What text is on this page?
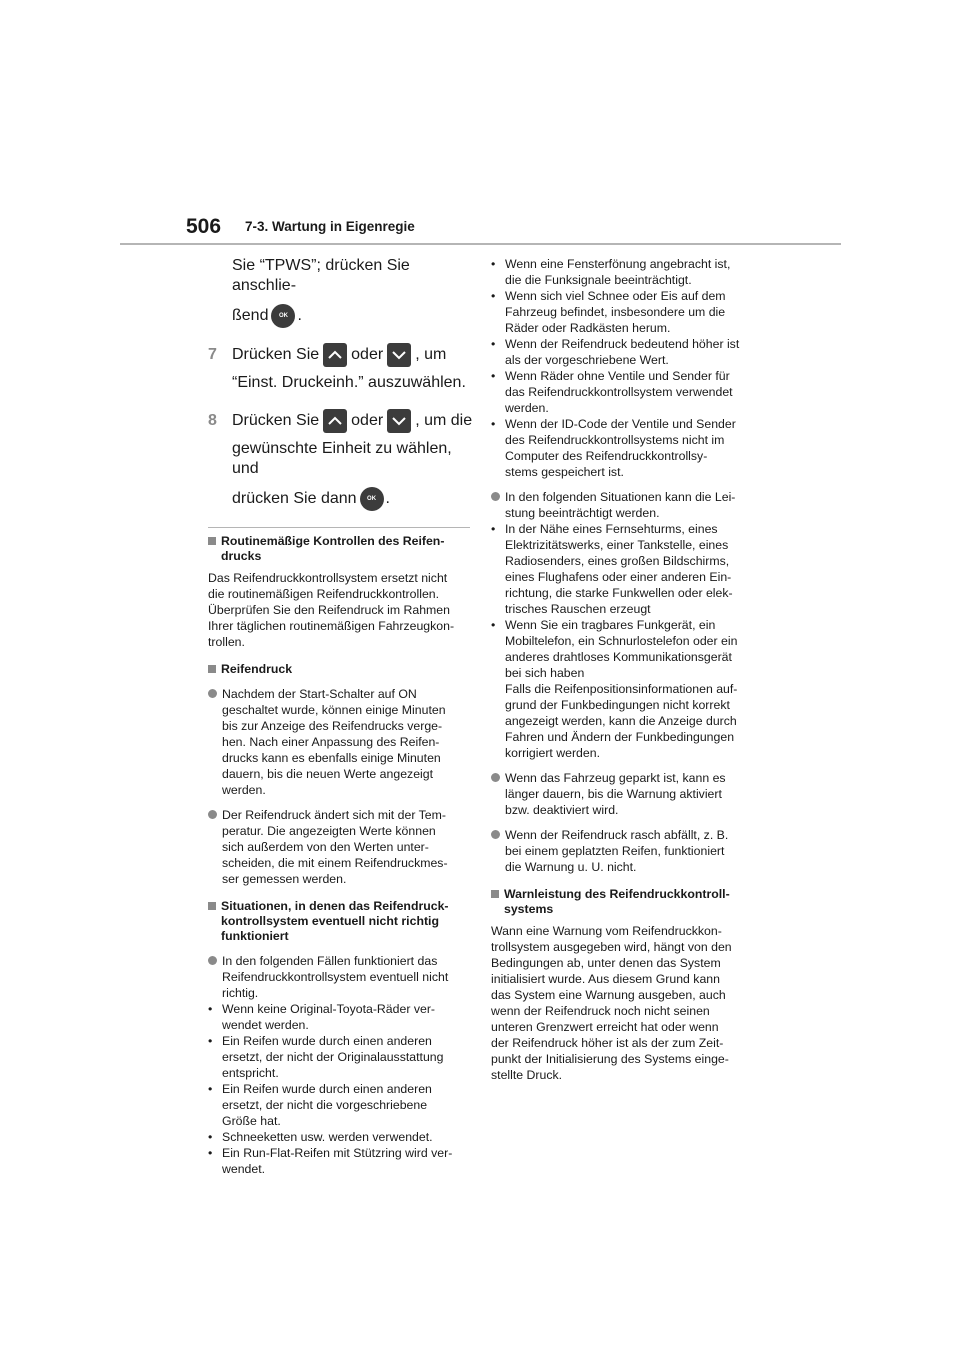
506 7-3. Wartung in Eigenregie
Sie “TPWS”; drücken Sie anschlie-
ßend	OK .
7 Drücken Sie oder , um
“Einst. Druckeinh.” auszuwählen.
8 Drücken Sie oder , um die
gewünschte Einheit zu wählen, und
drücken Sie dann	OK .
Routinemäßige Kontrollen des Reifen-
drucks
Das Reifendruckkontrollsystem ersetzt nicht
die routinemäßigen Reifendruckkontrollen.
Überprüfen Sie den Reifendruck im Rahmen
Ihrer täglichen routinemäßigen Fahrzeugkon-
trollen.
Reifendruck
Nachdem der Start-Schalter auf ON
geschaltet wurde, können einige Minuten
bis zur Anzeige des Reifendrucks verge-
hen. Nach einer Anpassung des Reifen-
drucks kann es ebenfalls einige Minuten
dauern, bis die neuen Werte angezeigt
werden.
Der Reifendruck ändert sich mit der Tem-
peratur. Die angezeigten Werte können
sich außerdem von den Werten unter-
scheiden, die mit einem Reifendruckmes-
ser gemessen werden.
Situationen, in denen das Reifendruck-
kontrollsystem eventuell nicht richtig
funktioniert
In den folgenden Fällen funktioniert das
Reifendruckkontrollsystem eventuell nicht
richtig.
• Wenn keine Original-Toyota-Räder ver-
wendet werden.
• Ein Reifen wurde durch einen anderen
ersetzt, der nicht der Originalausstattung
entspricht.
• Ein Reifen wurde durch einen anderen
ersetzt, der nicht die vorgeschriebene
Größe hat.
• Schneeketten usw. werden verwendet.
• Ein Run-Flat-Reifen mit Stützring wird ver-
wendet.
• Wenn eine Fensterfönung angebracht ist,
die die Funksignale beeinträchtigt.
• Wenn sich viel Schnee oder Eis auf dem
Fahrzeug befindet, insbesondere um die
Räder oder Radkästen herum.
• Wenn der Reifendruck bedeutend höher ist
als der vorgeschriebene Wert.
• Wenn Räder ohne Ventile und Sender für
das Reifendruckkontrollsystem verwendet
werden.
• Wenn der ID-Code der Ventile und Sender
des Reifendruckkontrollsystems nicht im
Computer des Reifendruckkontrollsy-
stems gespeichert ist.
In den folgenden Situationen kann die Lei-
stung beeinträchtigt werden.
• In der Nähe eines Fernsehturms, eines
Elektrizitätswerks, einer Tankstelle, eines
Radiosenders, eines großen Bildschirms,
eines Flughafens oder einer anderen Ein-
richtung, die starke Funkwellen oder elek-
trisches Rauschen erzeugt
• Wenn Sie ein tragbares Funkgerät, ein
Mobiltelefon, ein Schnurlostelefon oder ein
anderes drahtloses Kommunikationsgerät
bei sich haben
Falls die Reifenpositionsinformationen auf-
grund der Funkbedingungen nicht korrekt
angezeigt werden, kann die Anzeige durch
Fahren und Ändern der Funkbedingungen
korrigiert werden.
Wenn das Fahrzeug geparkt ist, kann es
länger dauern, bis die Warnung aktiviert
bzw. deaktiviert wird.
Wenn der Reifendruck rasch abfällt, z. B.
bei einem geplatzten Reifen, funktioniert
die Warnung u. U. nicht.
Warnleistung des Reifendruckkontroll-
systems
Wann eine Warnung vom Reifendruckkon-
trollsystem ausgegeben wird, hängt von den
Bedingungen ab, unter denen das System
initialisiert wurde. Aus diesem Grund kann
das System eine Warnung ausgeben, auch
wenn der Reifendruck noch nicht seinen
unteren Grenzwert erreicht hat oder wenn
der Reifendruck höher ist als der zum Zeit-
punkt der Initialisierung des Systems einge-
stellte Druck.
